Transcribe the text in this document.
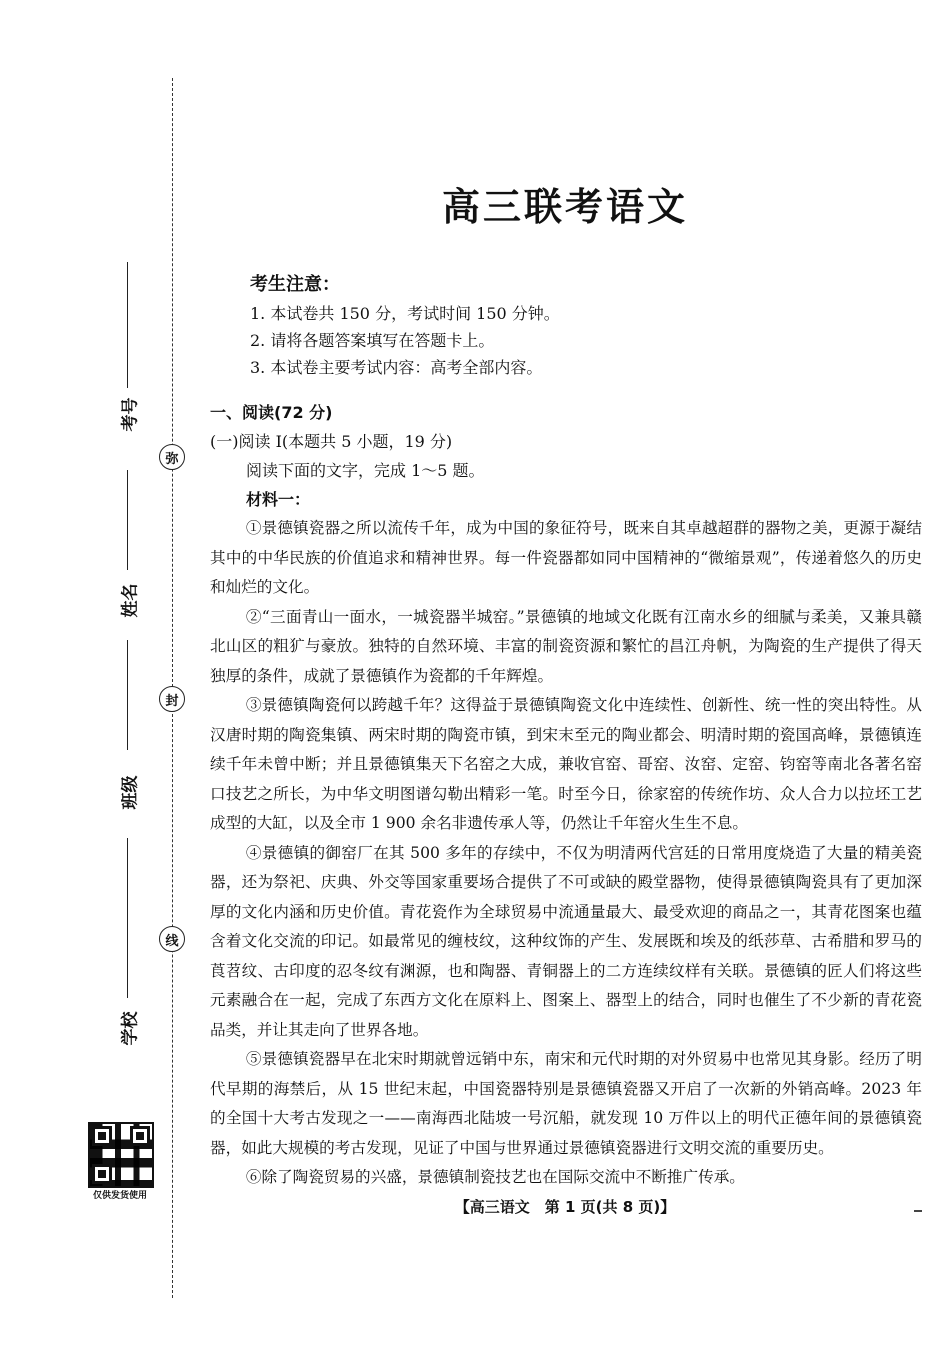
弥
封
线
考号
姓名
班级
学校
仅供发货使用
高三联考语文
考生注意：
1. 本试卷共 150 分，考试时间 150 分钟。
2. 请将各题答案填写在答题卡上。
3. 本试卷主要考试内容：高考全部内容。
一、阅读(72 分)
(一)阅读 Ⅰ(本题共 5 小题，19 分)
阅读下面的文字，完成 1～5 题。
材料一：

①景德镇瓷器之所以流传千年，成为中国的象征符号，既来自其卓越超群的器物之美，更源于凝结其中的中华民族的价值追求和精神世界。每一件瓷器都如同中国精神的“微缩景观”，传递着悠久的历史和灿烂的文化。

②“三面青山一面水，一城瓷器半城窑。”景德镇的地域文化既有江南水乡的细腻与柔美，又兼具赣北山区的粗犷与豪放。独特的自然环境、丰富的制瓷资源和繁忙的昌江舟帆，为陶瓷的生产提供了得天独厚的条件，成就了景德镇作为瓷都的千年辉煌。

③景德镇陶瓷何以跨越千年？这得益于景德镇陶瓷文化中连续性、创新性、统一性的突出特性。从汉唐时期的陶瓷集镇、两宋时期的陶瓷市镇，到宋末至元的陶业都会、明清时期的瓷国高峰，景德镇连续千年未曾中断；并且景德镇集天下名窑之大成，兼收官窑、哥窑、汝窑、定窑、钧窑等南北各著名窑口技艺之所长，为中华文明图谱勾勒出精彩一笔。时至今日，徐家窑的传统作坊、众人合力以拉坯工艺成型的大缸，以及全市 1 900 余名非遗传承人等，仍然让千年窑火生生不息。

④景德镇的御窑厂在其 500 多年的存续中，不仅为明清两代宫廷的日常用度烧造了大量的精美瓷器，还为祭祀、庆典、外交等国家重要场合提供了不可或缺的殿堂器物，使得景德镇陶瓷具有了更加深厚的文化内涵和历史价值。青花瓷作为全球贸易中流通量最大、最受欢迎的商品之一，其青花图案也蕴含着文化交流的印记。如最常见的缠枝纹，这种纹饰的产生、发展既和埃及的纸莎草、古希腊和罗马的莨苕纹、古印度的忍冬纹有渊源，也和陶器、青铜器上的二方连续纹样有关联。景德镇的匠人们将这些元素融合在一起，完成了东西方文化在原料上、图案上、器型上的结合，同时也催生了不少新的青花瓷品类，并让其走向了世界各地。

⑤景德镇瓷器早在北宋时期就曾远销中东，南宋和元代时期的对外贸易中也常见其身影。经历了明代早期的海禁后，从 15 世纪末起，中国瓷器特别是景德镇瓷器又开启了一次新的外销高峰。2023 年的全国十大考古发现之一——南海西北陆坡一号沉船，就发现 10 万件以上的明代正德年间的景德镇瓷器，如此大规模的考古发现，见证了中国与世界通过景德镇瓷器进行文明交流的重要历史。

⑥除了陶瓷贸易的兴盛，景德镇制瓷技艺也在国际交流中不断推广传承。

【高三语文　第 1 页(共 8 页)】
